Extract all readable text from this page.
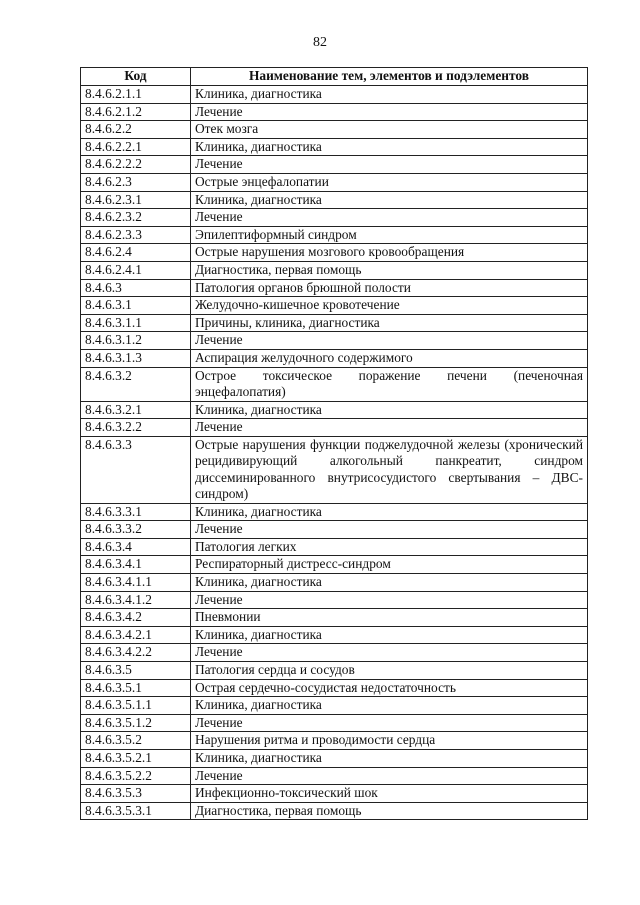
82
Код	Наименование тем, элементов и подэлементов
8.4.6.2.1.1	Клиника, диагностика
8.4.6.2.1.2	Лечение
8.4.6.2.2	Отек мозга
8.4.6.2.2.1	Клиника, диагностика
8.4.6.2.2.2	Лечение
8.4.6.2.3	Острые энцефалопатии
8.4.6.2.3.1	Клиника, диагностика
8.4.6.2.3.2	Лечение
8.4.6.2.3.3	Эпилептиформный синдром
8.4.6.2.4	Острые нарушения мозгового кровообращения
8.4.6.2.4.1	Диагностика, первая помощь
8.4.6.3	Патология органов брюшной полости
8.4.6.3.1	Желудочно-кишечное кровотечение
8.4.6.3.1.1	Причины, клиника, диагностика
8.4.6.3.1.2	Лечение
8.4.6.3.1.3	Аспирация желудочного содержимого
8.4.6.3.2	Острое токсическое поражение печени (печеночная энцефалопатия)
8.4.6.3.2.1	Клиника, диагностика
8.4.6.3.2.2	Лечение
8.4.6.3.3	Острые нарушения функции поджелудочной железы (хронический рецидивирующий алкогольный панкреатит, синдром диссеминированного внутрисосудистого свертывания – ДВС-синдром)
8.4.6.3.3.1	Клиника, диагностика
8.4.6.3.3.2	Лечение
8.4.6.3.4	Патология легких
8.4.6.3.4.1	Респираторный дистресс-синдром
8.4.6.3.4.1.1	Клиника, диагностика
8.4.6.3.4.1.2	Лечение
8.4.6.3.4.2	Пневмонии
8.4.6.3.4.2.1	Клиника, диагностика
8.4.6.3.4.2.2	Лечение
8.4.6.3.5	Патология сердца и сосудов
8.4.6.3.5.1	Острая сердечно-сосудистая недостаточность
8.4.6.3.5.1.1	Клиника, диагностика
8.4.6.3.5.1.2	Лечение
8.4.6.3.5.2	Нарушения ритма и проводимости сердца
8.4.6.3.5.2.1	Клиника, диагностика
8.4.6.3.5.2.2	Лечение
8.4.6.3.5.3	Инфекционно-токсический шок
8.4.6.3.5.3.1	Диагностика, первая помощь
